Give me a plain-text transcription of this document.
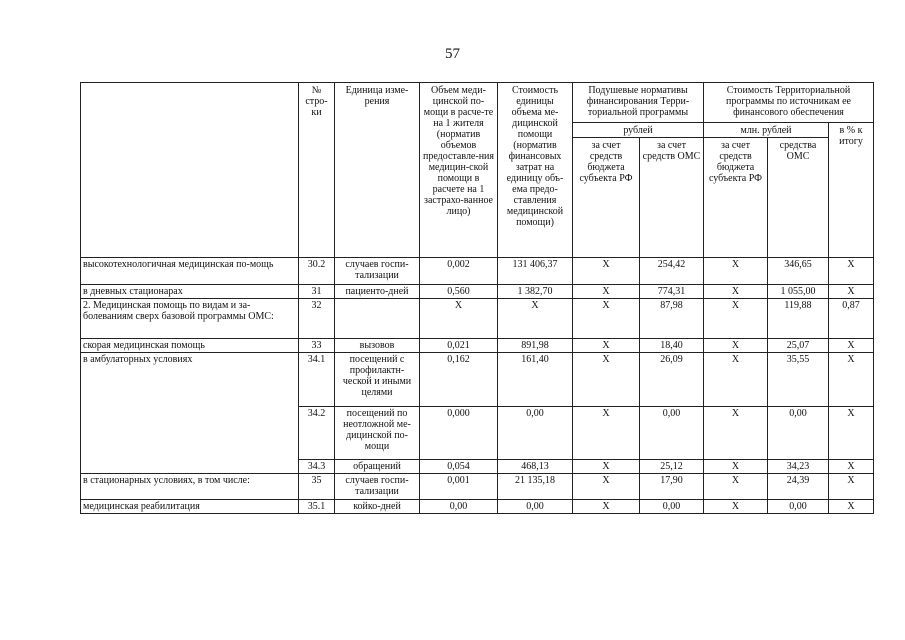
57
	№ стро-ки	Единица изме-рения	Объем меди-цинской по-мощи в расче-те на 1 жителя (норматив объемов предоставле-ния медицин-ской помощи в расчете на 1 застрахо-ванное лицо)	Стоимость единицы объема ме-дицинской помощи (норматив финансовых затрат на единицу объ-ема предо-ставления медицинской помощи)	Подушевые нормативы финансирования Терри-ториальной программы		Стоимость Территориальной программы по источникам ее финансового обеспечения		
					рублей		млн. рублей		в % к итогу
					за счет средств бюджета субъекта РФ	за счет средств ОМС	за счет средств бюджета субъекта РФ	средства ОМС	
высокотехнологичная медицинская по-мощь	30.2	случаев госпи-тализации	0,002	131 406,37	X	254,42	X	346,65	X
в дневных стационарах	31	пациенто-дней	0,560	1 382,70	X	774,31	X	1 055,00	X
2. Медицинская помощь по видам и за-болеваниям сверх базовой программы ОМС:	32		X	X	X	87,98	X	119,88	0,87
скорая медицинская помощь	33	вызовов	0,021	891,98	X	18,40	X	25,07	X
в амбулаторных условиях	34.1	посещений с профилактн-ческой и иными целями	0,162	161,40	X	26,09	X	35,55	X
	34.2	посещений по неотложной ме-дицинской по-мощи	0,000	0,00	X	0,00	X	0,00	X
	34.3	обращений	0,054	468,13	X	25,12	X	34,23	X
в стационарных условиях, в том числе:	35	случаев госпи-тализации	0,001	21 135,18	X	17,90	X	24,39	X
медицинская реабилитация	35.1	койко-дней	0,00	0,00	X	0,00	X	0,00	X
